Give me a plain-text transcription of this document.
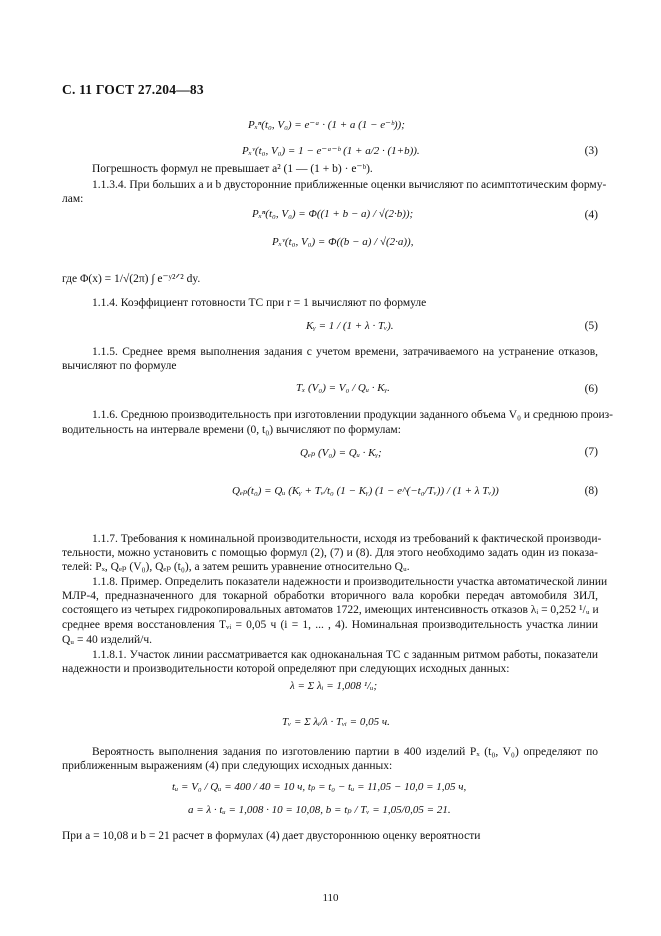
С. 11 ГОСТ 27.204—83
Pₓⁿ(t₀, V₀) = e⁻ᵃ · (1 + a (1 − e⁻ᵇ));
Pₓᵛ(t₀, V₀) = 1 − e⁻ᵃ⁻ᵇ (1 + a/2 · (1+b)).	(3)
Погрешность формул не превышает a² (1 — (1 + b) · e⁻ᵇ).
1.1.3.4. При больших a и b двусторонние приближенные оценки вычисляют по асимптотическим форму-
лам:
Pₓⁿ(t₀, V₀) = Φ((1 + b − a) / √(2·b));	(4)
Pₓᵛ(t₀, V₀) = Φ((b − a) / √(2·a)),
где Φ(x) = 1/√(2π) ∫ e⁻ʸ²ᐟ² dy.
1.1.4. Коэффициент готовности ТС при r = 1 вычисляют по формуле
Kᵧ = 1 / (1 + λ · Tᵥ).	(5)
1.1.5. Среднее время выполнения задания с учетом времени, затрачиваемого на устранение отказов,
вычисляют по формуле
Tₓ (V₀) = V₀ / Qᵤ · Kᵧ.	(6)
1.1.6. Среднюю производительность при изготовлении продукции заданного объема V₀ и среднюю произ-
водительность на интервале времени (0, t₀) вычисляют по формулам:
Qₑₚ (V₀) = Qᵤ · Kᵧ;	(7)
Qₑₚ(t₀) = Qᵤ (Kᵧ + Tᵥ/t₀ (1 − Kᵧ) (1 − e^(−t₀/Tᵥ)) / (1 + λ Tᵥ))	(8)
1.1.7. Требования к номинальной производительности, исходя из требований к фактической производи-
тельности, можно установить с помощью формул (2), (7) и (8). Для этого необходимо задать один из показа-
телей: Pₓ, Qₑₚ (V₀), Qₑₚ (t₀), а затем решить уравнение относительно Qᵤ.
1.1.8. Пример. Определить показатели надежности и производительности участка автоматической линии
МЛР-4, предназначенного для токарной обработки вторичного вала коробки передач автомобиля ЗИЛ,
состоящего из четырех гидрокопировальных автоматов 1722, имеющих интенсивность отказов λᵢ = 0,252 ¹/ᵤ и
среднее время восстановления Tᵥᵢ = 0,05 ч (i = 1, ... , 4). Номинальная производительность участка линии
Qᵤ = 40 изделий/ч.
1.1.8.1. Участок линии рассматривается как одноканальная ТС с заданным ритмом работы, показатели
надежности и производительности которой определяют при следующих исходных данных:
λ = Σ λᵢ = 1,008 ¹/ᵤ;
Tᵥ = Σ λᵢ/λ · Tᵥᵢ = 0,05 ч.
Вероятность выполнения задания по изготовлению партии в 400 изделий Pₓ (t₀, V₀) определяют по
приближенным выражениям (4) при следующих исходных данных:
tᵤ = V₀ / Qᵤ = 400 / 40 = 10 ч, tₚ = t₀ − tᵤ = 11,05 − 10,0 = 1,05 ч,
a = λ · tᵤ = 1,008 · 10 = 10,08, b = tₚ / Tᵥ = 1,05/0,05 = 21.
При a = 10,08 и b = 21 расчет в формулах (4) дает двустороннюю оценку вероятности
110
